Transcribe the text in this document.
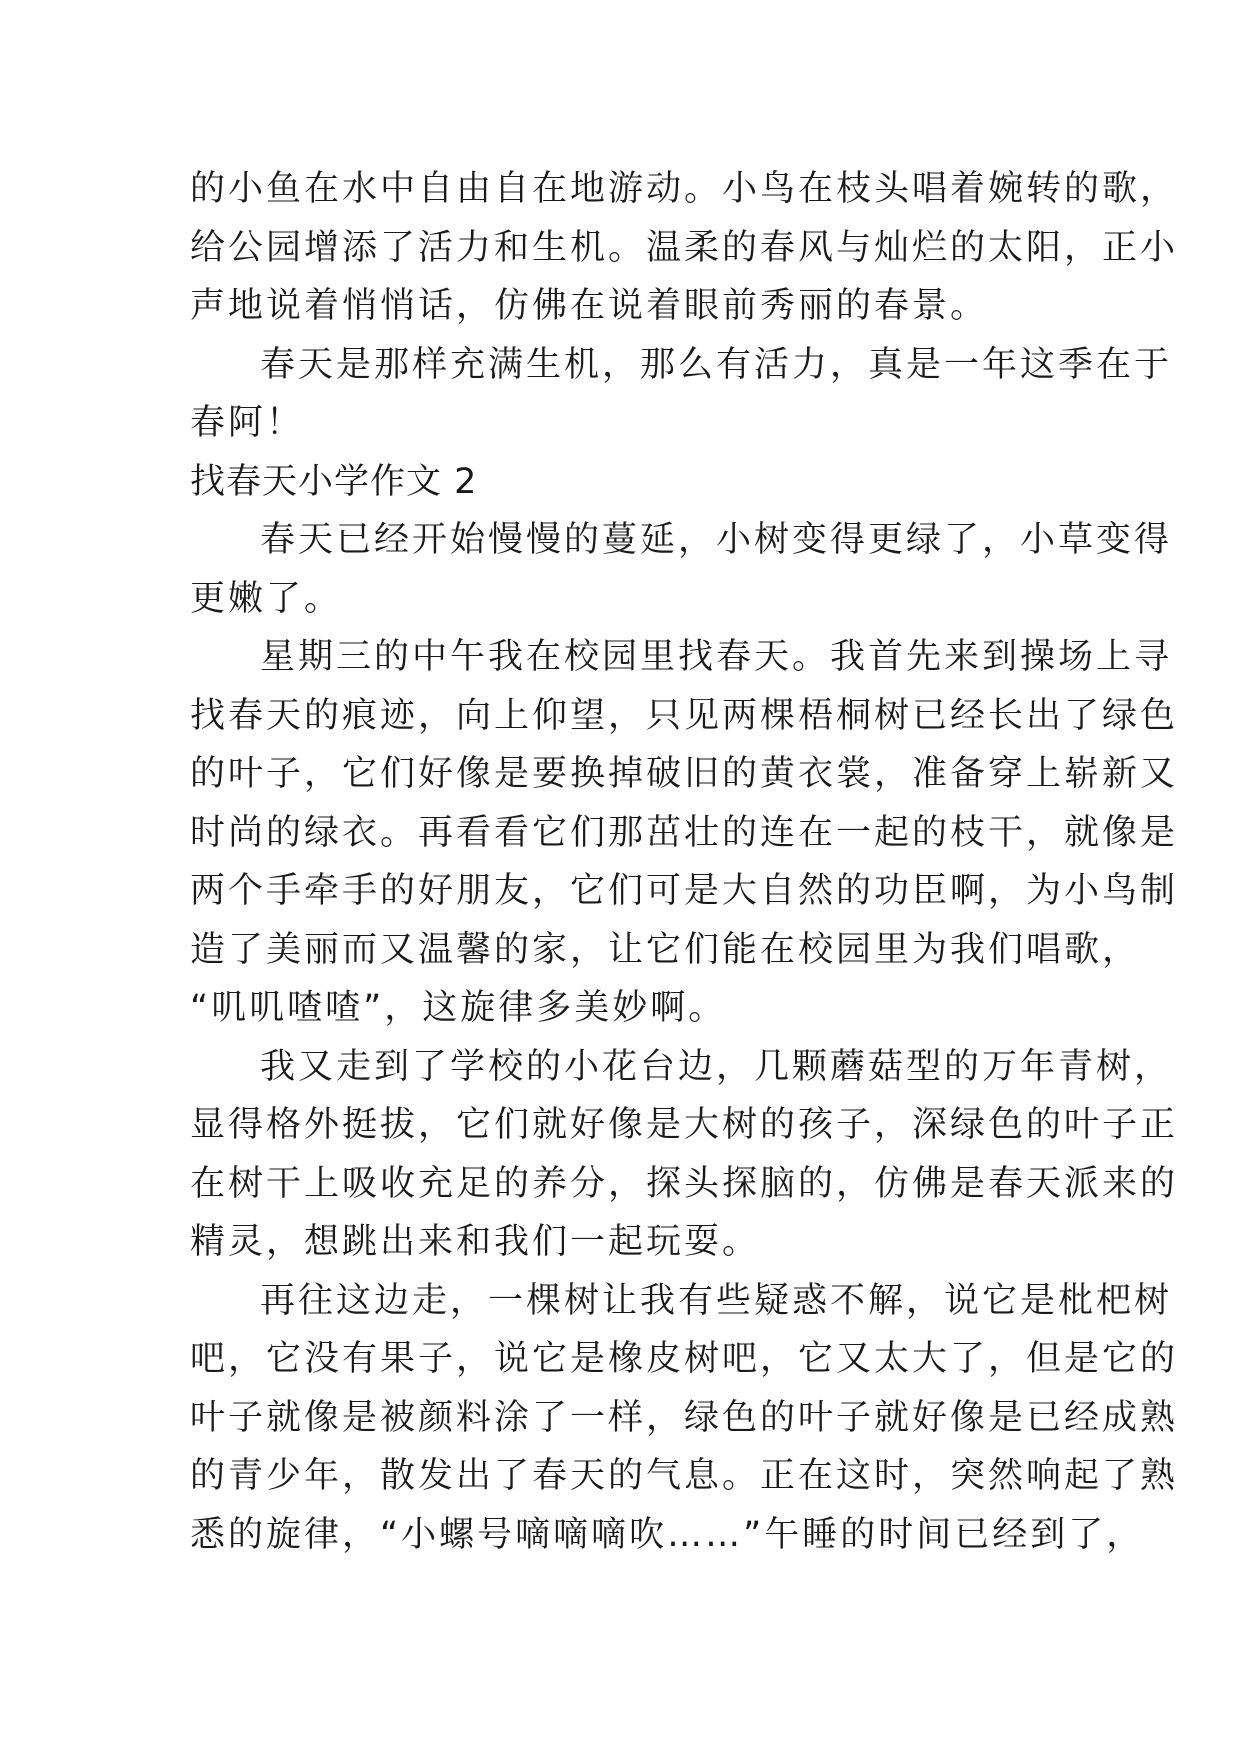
的小鱼在水中自由自在地游动。小鸟在枝头唱着婉转的歌，
给公园增添了活力和生机。温柔的春风与灿烂的太阳，正小
声地说着悄悄话，仿佛在说着眼前秀丽的春景。
春天是那样充满生机，那么有活力，真是一年这季在于
春阿！
找春天小学作文 2
春天已经开始慢慢的蔓延，小树变得更绿了，小草变得
更嫩了。
星期三的中午我在校园里找春天。我首先来到操场上寻
找春天的痕迹，向上仰望，只见两棵梧桐树已经长出了绿色
的叶子，它们好像是要换掉破旧的黄衣裳，准备穿上崭新又
时尚的绿衣。再看看它们那茁壮的连在一起的枝干，就像是
两个手牵手的好朋友，它们可是大自然的功臣啊，为小鸟制
造了美丽而又温馨的家，让它们能在校园里为我们唱歌，
“叽叽喳喳”，这旋律多美妙啊。
我又走到了学校的小花台边，几颗蘑菇型的万年青树，
显得格外挺拔，它们就好像是大树的孩子，深绿色的叶子正
在树干上吸收充足的养分，探头探脑的，仿佛是春天派来的
精灵，想跳出来和我们一起玩耍。
再往这边走，一棵树让我有些疑惑不解，说它是枇杷树
吧，它没有果子，说它是橡皮树吧，它又太大了，但是它的
叶子就像是被颜料涂了一样，绿色的叶子就好像是已经成熟
的青少年，散发出了春天的气息。正在这时，突然响起了熟
悉的旋律，“小螺号嘀嘀嘀吹……”午睡的时间已经到了，
